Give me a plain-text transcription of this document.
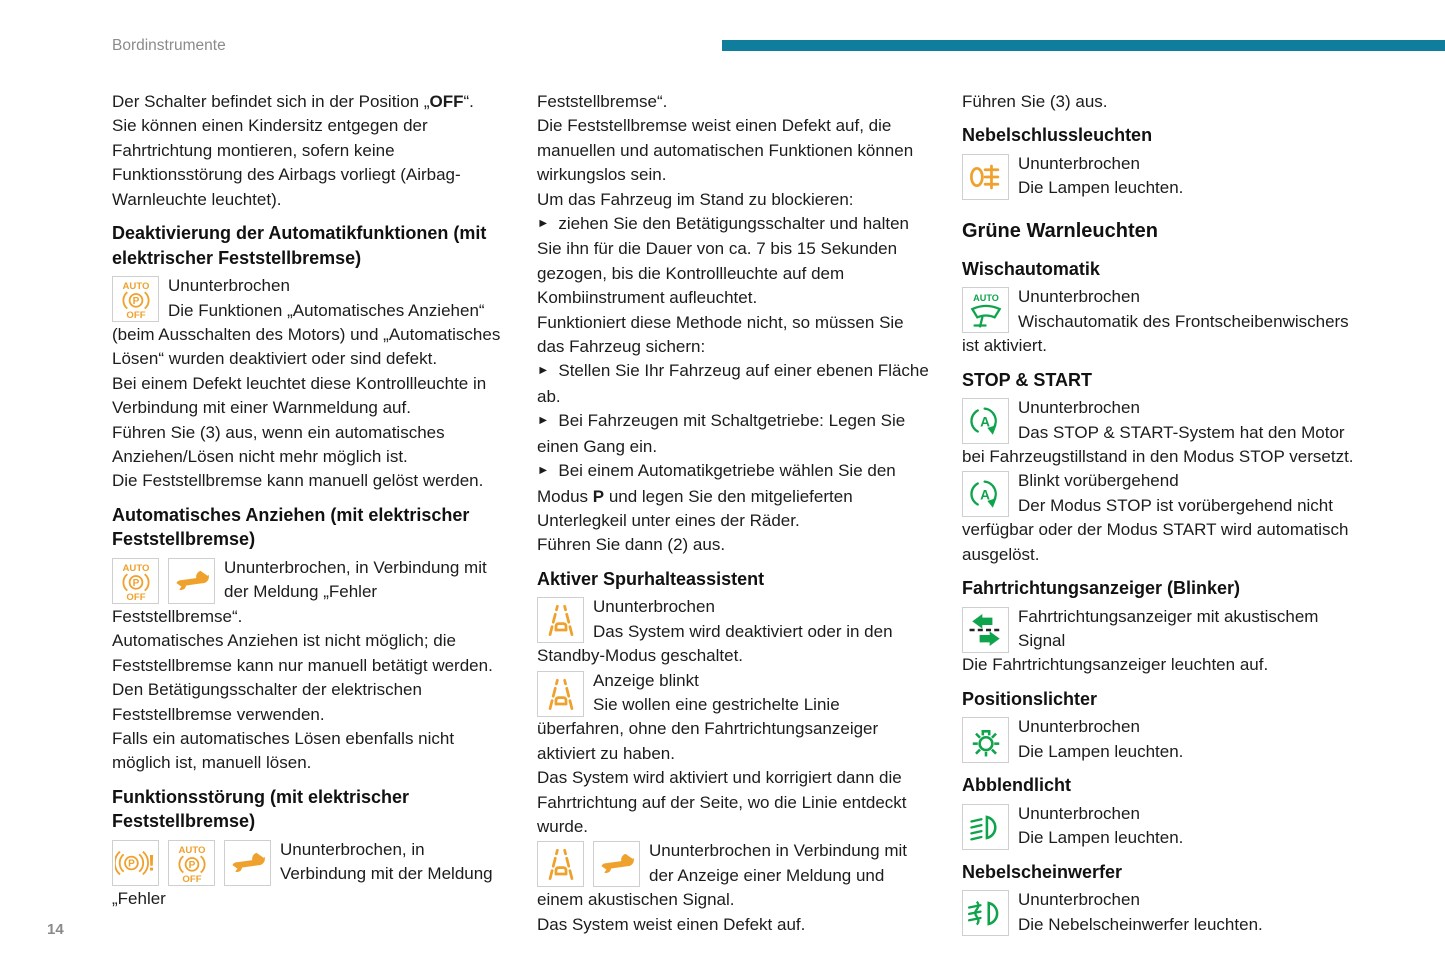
Bordinstrumente
14

Der Schalter befindet sich in der Position „OFF“.

Sie können einen Kindersitz entgegen der Fahrtrichtung montieren, sofern keine Funktionsstörung des Airbags vorliegt (Airbag-Warnleuchte leuchtet).

Deaktivierung der Automatikfunktionen (mit elektrischer Feststellbremse)
AUTO
P
OFF

Ununterbrochen

Die Funktionen „Automatisches Anziehen“ (beim Ausschalten des Motors) und „Automatisches Lösen“ wurden deaktiviert oder sind defekt.

Bei einem Defekt leuchtet diese Kontrollleuchte in Verbindung mit einer Warnmeldung auf.

Führen Sie (3) aus, wenn ein automatisches Anziehen/Lösen nicht mehr möglich ist.

Die Feststellbremse kann manuell gelöst werden.

Automatisches Anziehen (mit elektrischer Feststellbremse)
AUTO
P
OFF

Ununterbrochen, in Verbindung mit der Meldung „Fehler Feststellbremse“.

Automatisches Anziehen ist nicht möglich; die Feststellbremse kann nur manuell betätigt werden.

Den Betätigungsschalter der elektrischen Feststellbremse verwenden.

Falls ein automatisches Lösen ebenfalls nicht möglich ist, manuell lösen.

Funktionsstörung (mit elektrischer Feststellbremse)
P ! AUTO
P
OFF

Ununterbrochen, in Verbindung mit der Meldung „Fehler

Feststellbremse“.

Die Feststellbremse weist einen Defekt auf, die manuellen und automatischen Funktionen können wirkungslos sein.

Um das Fahrzeug im Stand zu blockieren:

► ziehen Sie den Betätigungsschalter und halten Sie ihn für die Dauer von ca. 7 bis 15 Sekunden gezogen, bis die Kontrollleuchte auf dem Kombiinstrument aufleuchtet.

Funktioniert diese Methode nicht, so müssen Sie das Fahrzeug sichern:

► Stellen Sie Ihr Fahrzeug auf einer ebenen Fläche ab.

► Bei Fahrzeugen mit Schaltgetriebe: Legen Sie einen Gang ein.

► Bei einem Automatikgetriebe wählen Sie den Modus P und legen Sie den mitgelieferten Unterlegkeil unter eines der Räder.

Führen Sie dann (2) aus.

Aktiver Spurhalteassistent

Ununterbrochen

Das System wird deaktiviert oder in den Standby-Modus geschaltet.

Anzeige blinkt

Sie wollen eine gestrichelte Linie überfahren, ohne den Fahrtrichtungsanzeiger aktiviert zu haben.

Das System wird aktiviert und korrigiert dann die Fahrtrichtung auf der Seite, wo die Linie entdeckt wurde.

Ununterbrochen in Verbindung mit der Anzeige einer Meldung und einem akustischen Signal.

Das System weist einen Defekt auf.

Führen Sie (3) aus.

Nebelschlussleuchten

Ununterbrochen

Die Lampen leuchten.

Grüne Warnleuchten
Wischautomatik
AUTO	Ununterbrochen

Wischautomatik des Frontscheibenwischers ist aktiviert.

STOP & START
A

Ununterbrochen

Das STOP & START-System hat den Motor bei Fahrzeugstillstand in den Modus STOP versetzt.

A

Blinkt vorübergehend

Der Modus STOP ist vorübergehend nicht verfügbar oder der Modus START wird automatisch ausgelöst.

Fahrtrichtungsanzeiger (Blinker)

Fahrtrichtungsanzeiger mit akustischem Signal

Die Fahrtrichtungsanzeiger leuchten auf.

Positionslichter

Ununterbrochen

Die Lampen leuchten.

Abblendlicht

Ununterbrochen

Die Lampen leuchten.

Nebelscheinwerfer

Ununterbrochen

Die Nebelscheinwerfer leuchten.
